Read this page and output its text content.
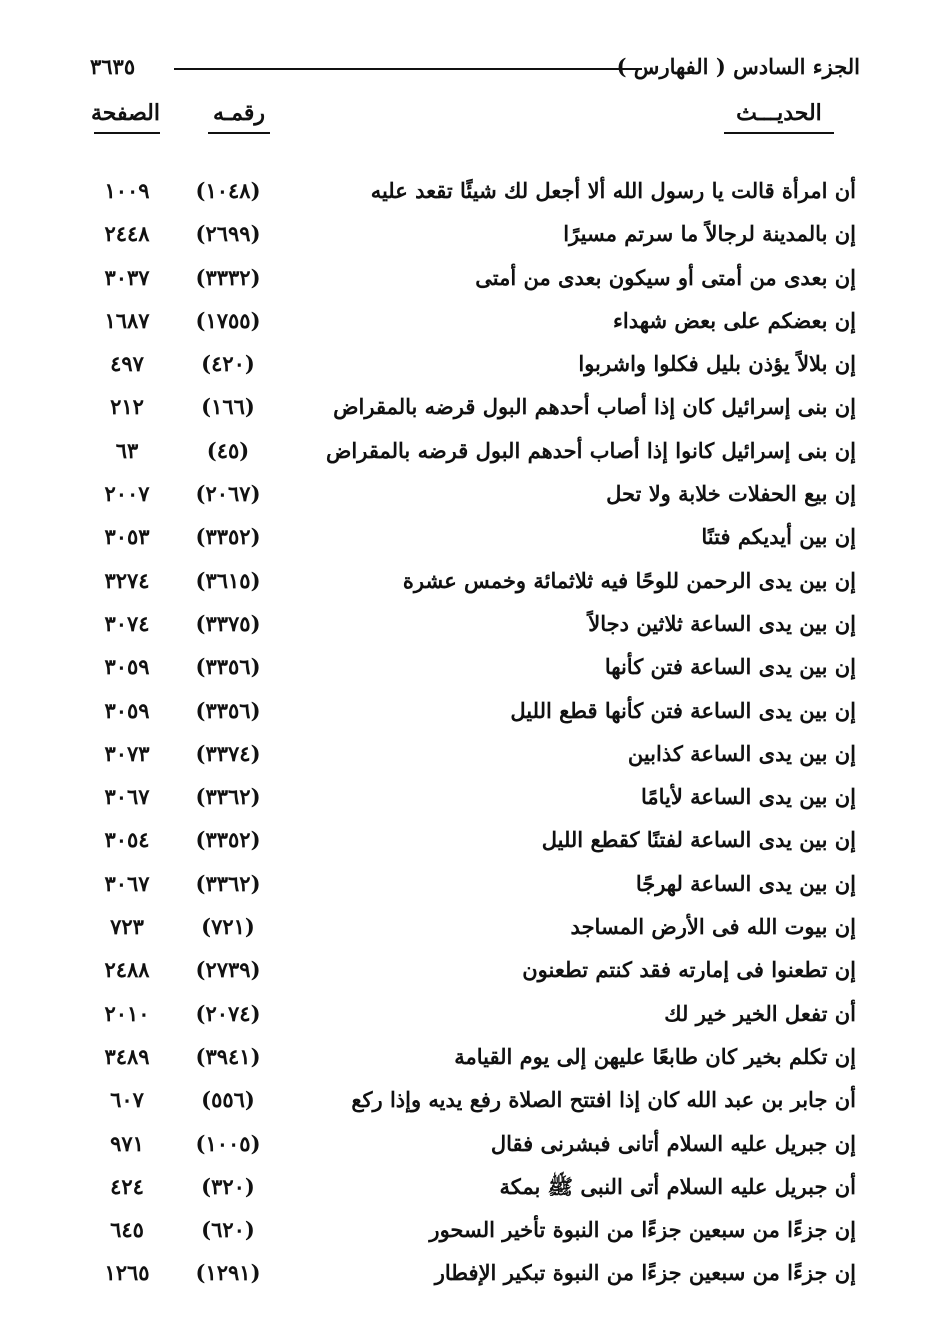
الجزء السادس ( الفهارس )
٣٦٣٥
الحديـــث
رقمـه
الصفحة
أن امرأة قالت يا رسول الله ألا أجعل لك شيئًا تقعد عليه
(١٠٤٨)
١٠٠٩
إن بالمدينة لرجالاً ما سرتم مسيرًا
(٢٦٩٩)
٢٤٤٨
إن بعدى من أمتى أو سيكون بعدى من أمتى
(٣٣٣٢)
٣٠٣٧
إن بعضكم على بعض شهداء
(١٧٥٥)
١٦٨٧
إن بلالاً يؤذن بليل فكلوا واشربوا
(٤٢٠)
٤٩٧
إن بنى إسرائيل كان إذا أصاب أحدهم البول قرضه بالمقراض
(١٦٦)
٢١٢
إن بنى إسرائيل كانوا إذا أصاب أحدهم البول قرضه بالمقراض
(٤٥)
٦٣
إن بيع الحفلات خلابة ولا تحل
(٢٠٦٧)
٢٠٠٧
إن بين أيديكم فتنًا
(٣٣٥٢)
٣٠٥٣
إن بين يدى الرحمن للوحًا فيه ثلاثمائة وخمس عشرة
(٣٦١٥)
٣٢٧٤
إن بين يدى الساعة ثلاثين دجالاً
(٣٣٧٥)
٣٠٧٤
إن بين يدى الساعة فتن كأنها
(٣٣٥٦)
٣٠٥٩
إن بين يدى الساعة فتن كأنها قطع الليل
(٣٣٥٦)
٣٠٥٩
إن بين يدى الساعة كذابين
(٣٣٧٤)
٣٠٧٣
إن بين يدى الساعة لأيامًا
(٣٣٦٢)
٣٠٦٧
إن بين يدى الساعة لفتنًا كقطع الليل
(٣٣٥٢)
٣٠٥٤
إن بين يدى الساعة لهرجًا
(٣٣٦٢)
٣٠٦٧
إن بيوت الله فى الأرض المساجد
(٧٢١)
٧٢٣
إن تطعنوا فى إمارته فقد كنتم تطعنون
(٢٧٣٩)
٢٤٨٨
أن تفعل الخير خير لك
(٢٠٧٤)
٢٠١٠
إن تكلم بخير كان طابعًا عليهن إلى يوم القيامة
(٣٩٤١)
٣٤٨٩
أن جابر بن عبد الله كان إذا افتتح الصلاة رفع يديه وإذا ركع
(٥٥٦)
٦٠٧
إن جبريل عليه السلام أتانى فبشرنى فقال
(١٠٠٥)
٩٧١
أن جبريل عليه السلام أتى النبى ﷺ بمكة
(٣٢٠)
٤٢٤
إن جزءًا من سبعين جزءًا من النبوة تأخير السحور
(٦٢٠)
٦٤٥
إن جزءًا من سبعين جزءًا من النبوة تبكير الإفطار
(١٢٩١)
١٢٦٥
